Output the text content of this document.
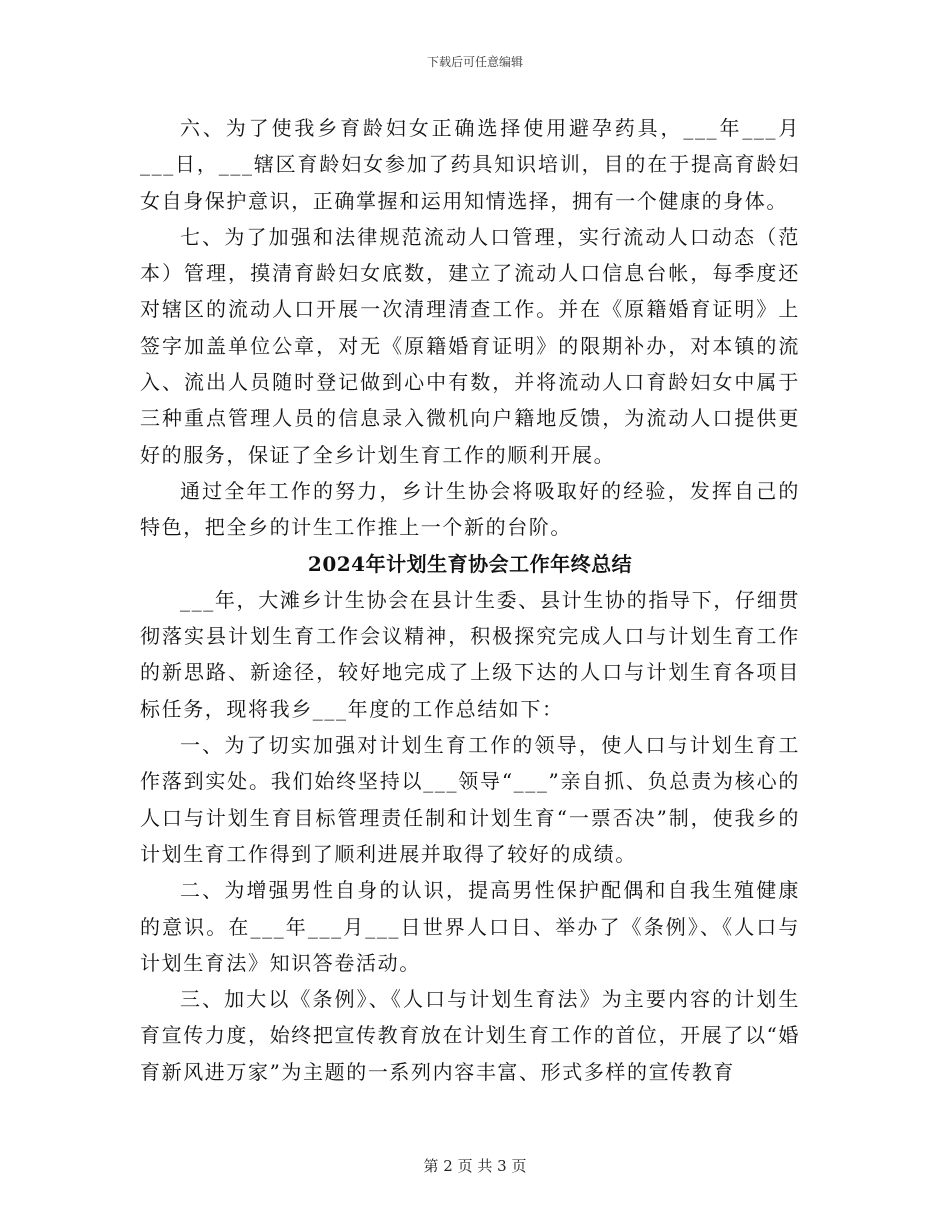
下载后可任意编辑

六、为了使我乡育龄妇女正确选择使用避孕药具，___年___月___日，___辖区育龄妇女参加了药具知识培训，目的在于提高育龄妇女自身保护意识，正确掌握和运用知情选择，拥有一个健康的身体。

七、为了加强和法律规范流动人口管理，实行流动人口动态（范本）管理，摸清育龄妇女底数，建立了流动人口信息台帐，每季度还对辖区的流动人口开展一次清理清查工作。并在《原籍婚育证明》上签字加盖单位公章，对无《原籍婚育证明》的限期补办，对本镇的流入、流出人员随时登记做到心中有数，并将流动人口育龄妇女中属于三种重点管理人员的信息录入微机向户籍地反馈，为流动人口提供更好的服务，保证了全乡计划生育工作的顺利开展。

通过全年工作的努力，乡计生协会将吸取好的经验，发挥自己的特色，把全乡的计生工作推上一个新的台阶。

2024年计划生育协会工作年终总结

___年，大滩乡计生协会在县计生委、县计生协的指导下，仔细贯彻落实县计划生育工作会议精神，积极探究完成人口与计划生育工作的新思路、新途径，较好地完成了上级下达的人口与计划生育各项目标任务，现将我乡___年度的工作总结如下：

一、为了切实加强对计划生育工作的领导，使人口与计划生育工作落到实处。我们始终坚持以___领导“___”亲自抓、负总责为核心的人口与计划生育目标管理责任制和计划生育“一票否决”制，使我乡的计划生育工作得到了顺利进展并取得了较好的成绩。

二、为增强男性自身的认识，提高男性保护配偶和自我生殖健康的意识。在___年___月___日世界人口日、举办了《条例》、《人口与计划生育法》知识答卷活动。

三、加大以《条例》、《人口与计划生育法》为主要内容的计划生育宣传力度，始终把宣传教育放在计划生育工作的首位，开展了以“婚育新风进万家”为主题的一系列内容丰富、形式多样的宣传教育

第 2 页 共 3 页
